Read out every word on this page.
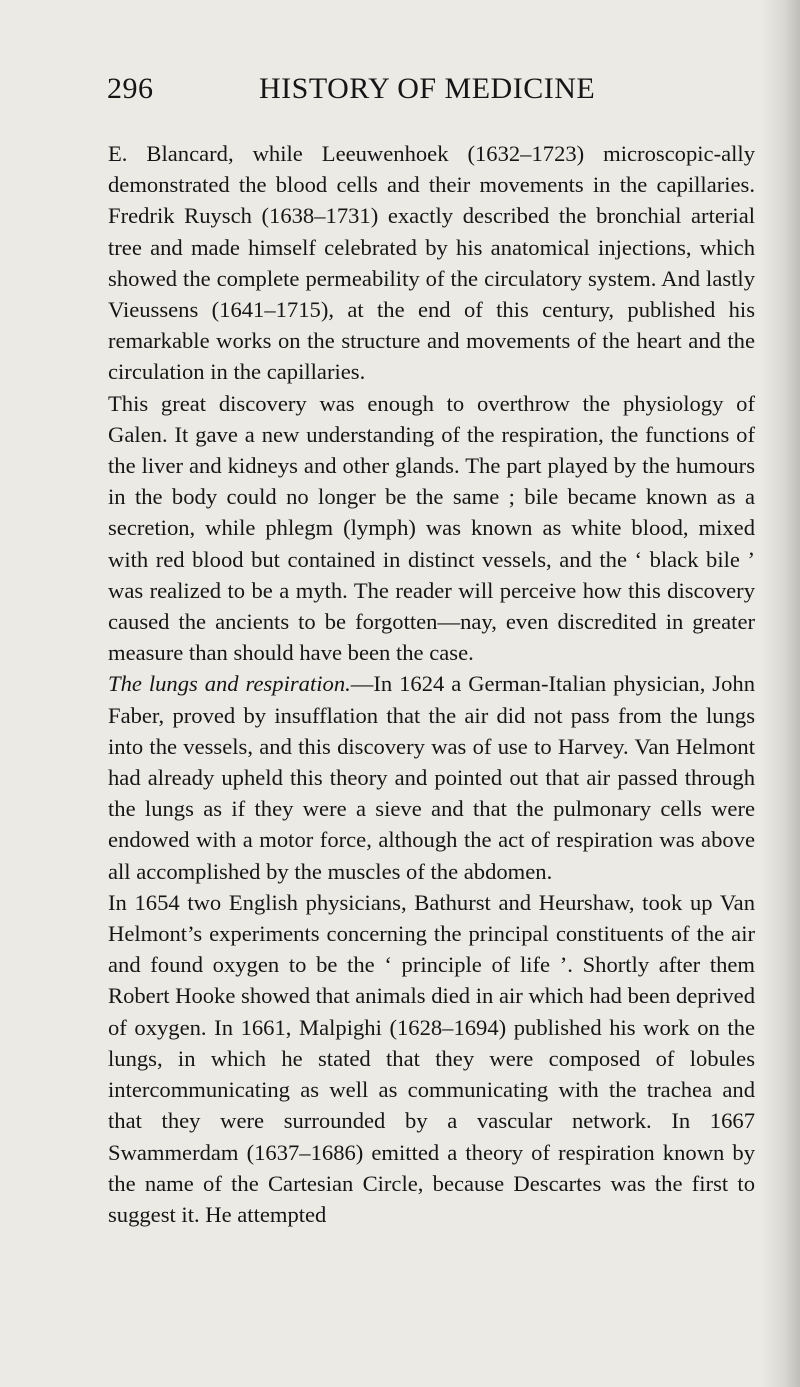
296	HISTORY OF MEDICINE

E. Blancard, while Leeuwenhoek (1632–1723) microscopic-ally demonstrated the blood cells and their movements in the capillaries. Fredrik Ruysch (1638–1731) exactly described the bronchial arterial tree and made himself celebrated by his anatomical injections, which showed the complete permeability of the circulatory system. And lastly Vieussens (1641–1715), at the end of this century, published his remarkable works on the structure and movements of the heart and the circulation in the capillaries.

This great discovery was enough to overthrow the physiology of Galen. It gave a new understanding of the respiration, the functions of the liver and kidneys and other glands. The part played by the humours in the body could no longer be the same ; bile became known as a secretion, while phlegm (lymph) was known as white blood, mixed with red blood but contained in distinct vessels, and the ‘ black bile ’ was realized to be a myth. The reader will perceive how this discovery caused the ancients to be forgotten—nay, even discredited in greater measure than should have been the case.

The lungs and respiration.—In 1624 a German-Italian physician, John Faber, proved by insufflation that the air did not pass from the lungs into the vessels, and this discovery was of use to Harvey. Van Helmont had already upheld this theory and pointed out that air passed through the lungs as if they were a sieve and that the pulmonary cells were endowed with a motor force, although the act of respiration was above all accomplished by the muscles of the abdomen.

In 1654 two English physicians, Bathurst and Heurshaw, took up Van Helmont’s experiments concerning the principal constituents of the air and found oxygen to be the ‘ principle of life ’. Shortly after them Robert Hooke showed that animals died in air which had been deprived of oxygen. In 1661, Malpighi (1628–1694) published his work on the lungs, in which he stated that they were composed of lobules intercommunicating as well as communicating with the trachea and that they were surrounded by a vascular network. In 1667 Swammerdam (1637–1686) emitted a theory of respiration known by the name of the Cartesian Circle, because Descartes was the first to suggest it. He attempted
